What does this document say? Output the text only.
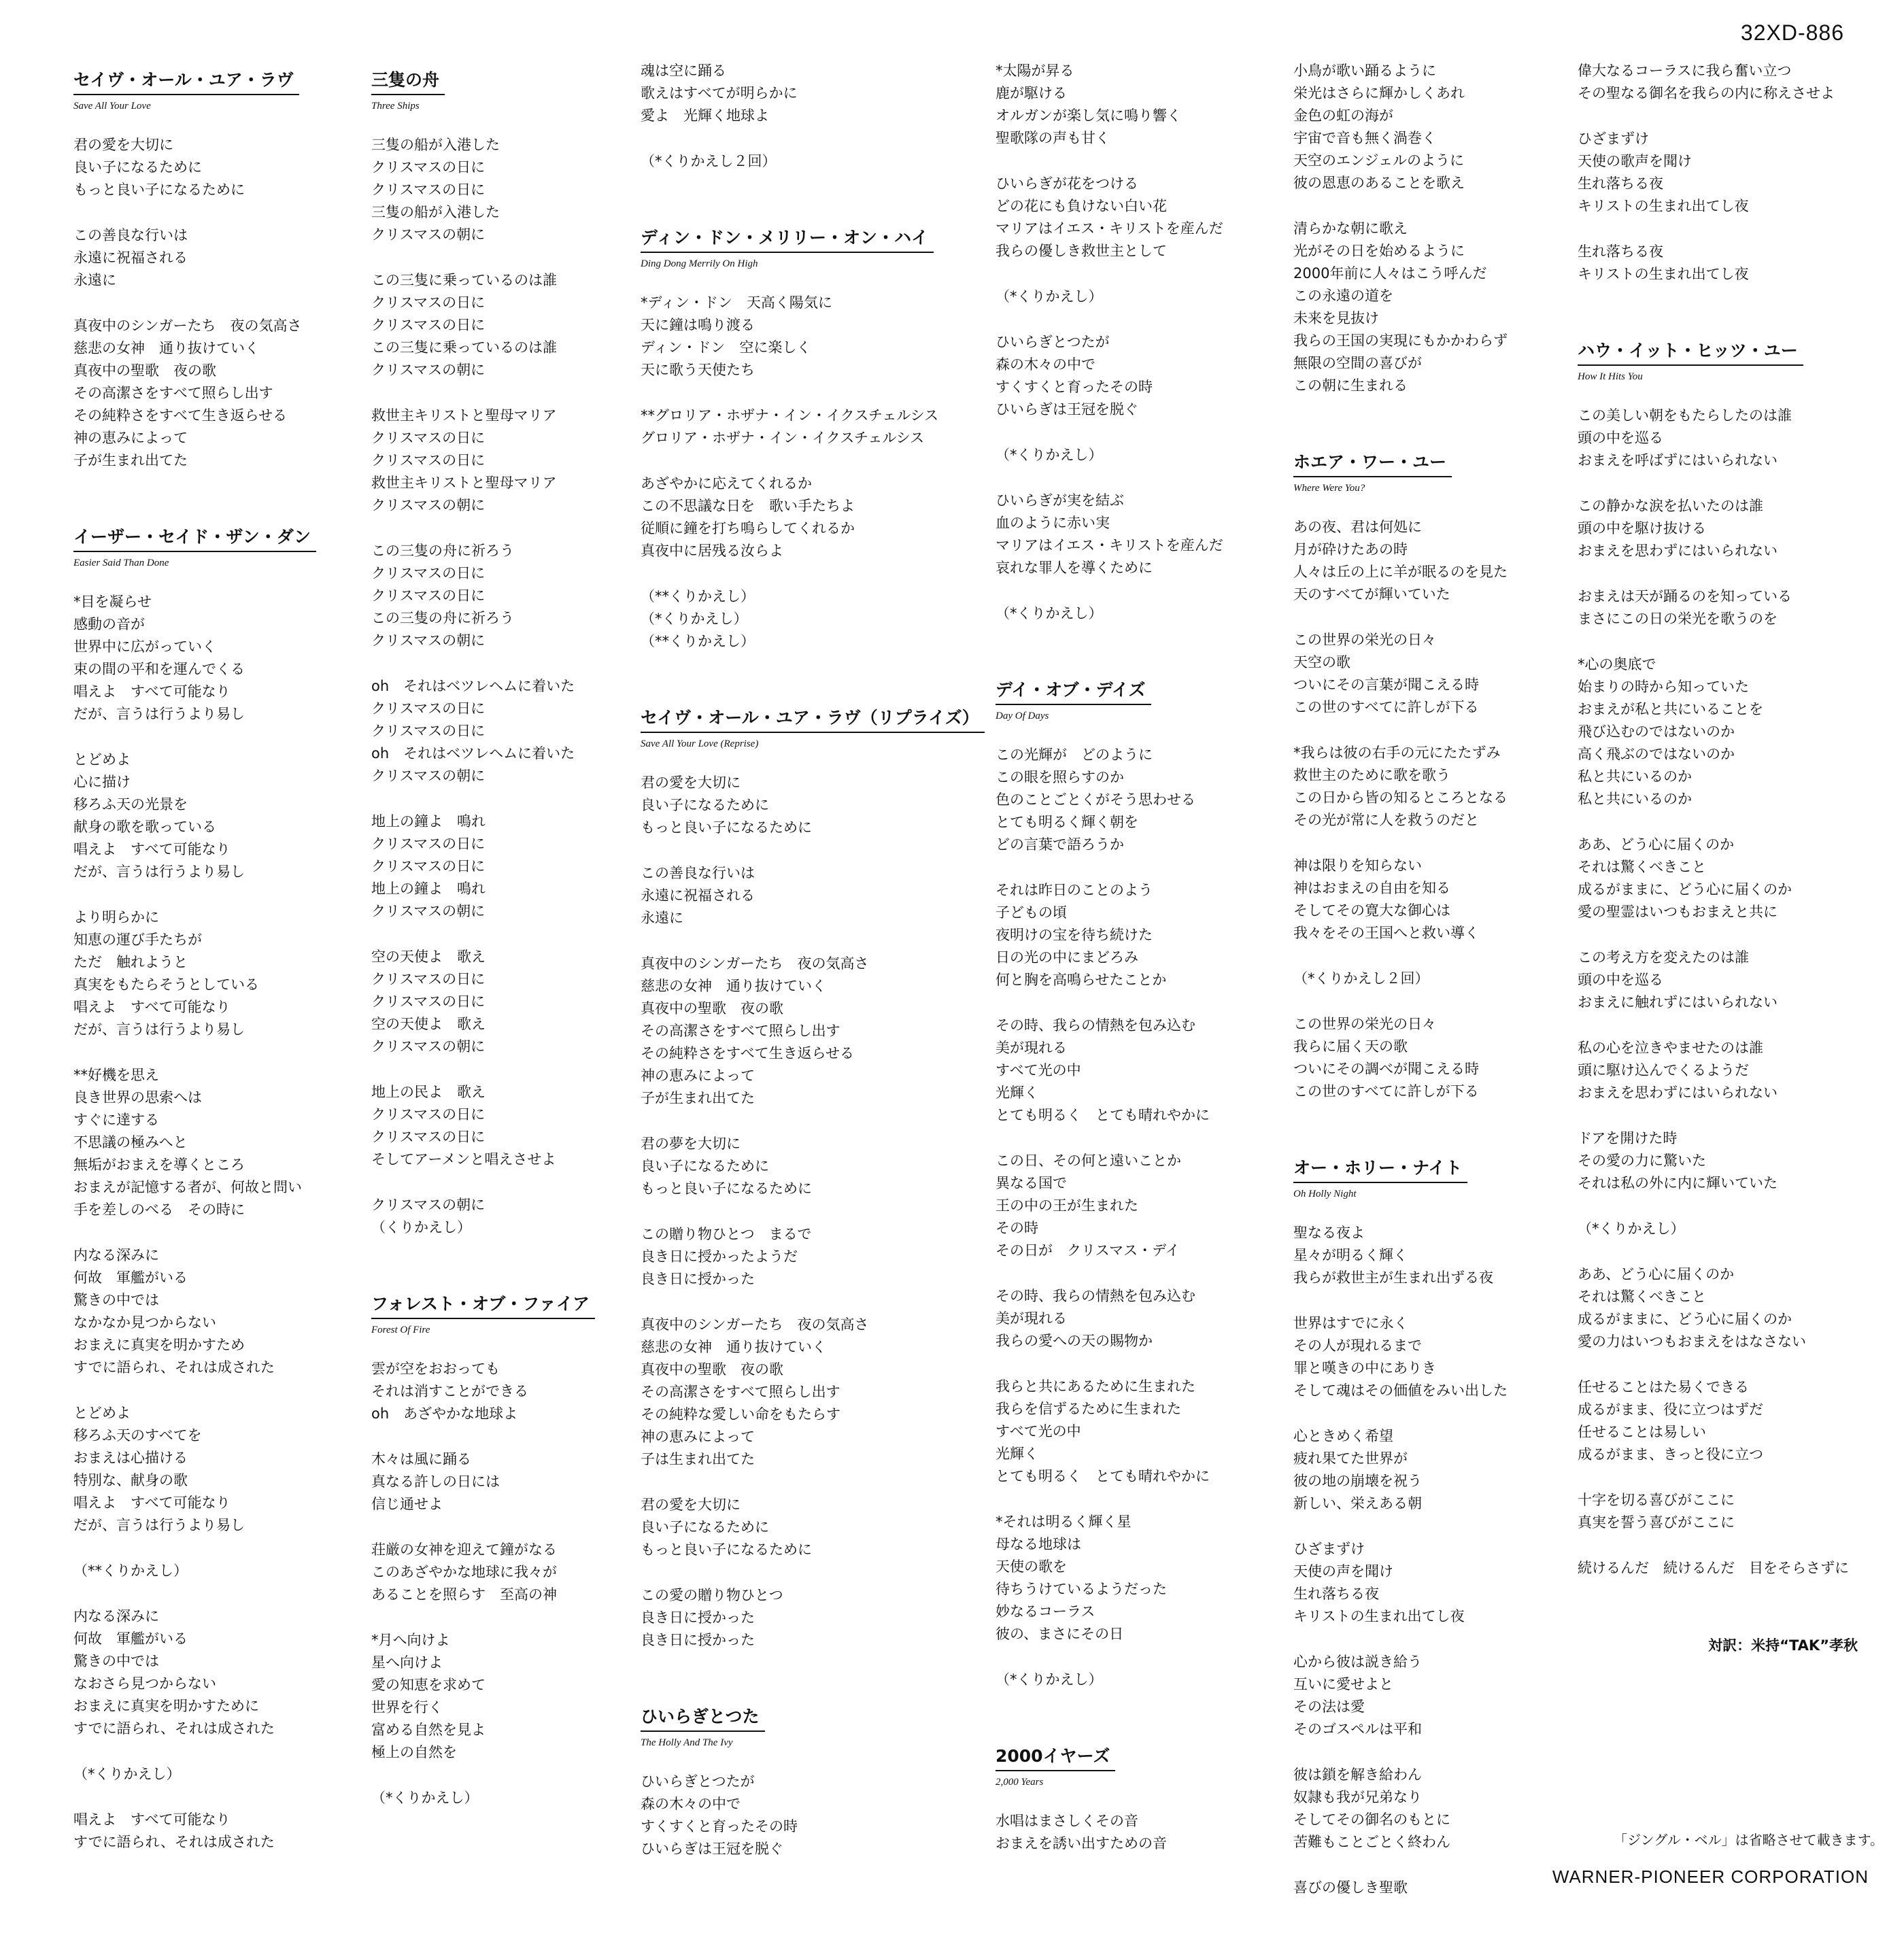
32XD-886
セイヴ・オール・ユア・ラヴ
Save All Your Love
君の愛を大切に
良い子になるために
もっと良い子になるために
この善良な行いは
永遠に祝福される
永遠に
真夜中のシンガーたち　夜の気高さ
慈悲の女神　通り抜けていく
真夜中の聖歌　夜の歌
その高潔さをすべて照らし出す
その純粋さをすべて生き返らせる
神の恵みによって
子が生まれ出てた
イーザー・セイド・ザン・ダン
Easier Said Than Done
*目を凝らせ
感動の音が
世界中に広がっていく
束の間の平和を運んでくる
唱えよ　すべて可能なり
だが、言うは行うより易し
とどめよ
心に描け
移ろふ天の光景を
献身の歌を歌っている
唱えよ　すべて可能なり
だが、言うは行うより易し
より明らかに
知恵の運び手たちが
ただ　触れようと
真実をもたらそうとしている
唱えよ　すべて可能なり
だが、言うは行うより易し
**好機を思え
良き世界の思索へは
すぐに達する
不思議の極みへと
無垢がおまえを導くところ
おまえが記憶する者が、何故と問い
手を差しのべる　その時に
内なる深みに
何故　軍艦がいる
驚きの中では
なかなか見つからない
おまえに真実を明かすため
すでに語られ、それは成された
とどめよ
移ろふ天のすべてを
おまえは心描ける
特別な、献身の歌
唱えよ　すべて可能なり
だが、言うは行うより易し
（**くりかえし）
内なる深みに
何故　軍艦がいる
驚きの中では
なおさら見つからない
おまえに真実を明かすために
すでに語られ、それは成された
（*くりかえし）
唱えよ　すべて可能なり
すでに語られ、それは成された
三隻の舟
Three Ships
三隻の船が入港した
クリスマスの日に
クリスマスの日に
三隻の船が入港した
クリスマスの朝に
この三隻に乗っているのは誰
クリスマスの日に
クリスマスの日に
この三隻に乗っているのは誰
クリスマスの朝に
救世主キリストと聖母マリア
クリスマスの日に
クリスマスの日に
救世主キリストと聖母マリア
クリスマスの朝に
この三隻の舟に祈ろう
クリスマスの日に
クリスマスの日に
この三隻の舟に祈ろう
クリスマスの朝に
oh　それはベツレヘムに着いた
クリスマスの日に
クリスマスの日に
oh　それはベツレヘムに着いた
クリスマスの朝に
地上の鐘よ　鳴れ
クリスマスの日に
クリスマスの日に
地上の鐘よ　鳴れ
クリスマスの朝に
空の天使よ　歌え
クリスマスの日に
クリスマスの日に
空の天使よ　歌え
クリスマスの朝に
地上の民よ　歌え
クリスマスの日に
クリスマスの日に
そしてアーメンと唱えさせよ
クリスマスの朝に
（くりかえし）
フォレスト・オブ・ファイア
Forest Of Fire
雲が空をおおっても
それは消すことができる
oh　あざやかな地球よ
木々は風に踊る
真なる許しの日には
信じ通せよ
荘厳の女神を迎えて鐘がなる
このあざやかな地球に我々が
あることを照らす　至高の神
*月へ向けよ
星へ向けよ
愛の知恵を求めて
世界を行く
富める自然を見よ
極上の自然を
（*くりかえし）
魂は空に踊る
歌えはすべてが明らかに
愛よ　光輝く地球よ
（*くりかえし２回）
ディン・ドン・メリリー・オン・ハイ
Ding Dong Merrily On High
*ディン・ドン　天高く陽気に
天に鐘は鳴り渡る
ディン・ドン　空に楽しく
天に歌う天使たち
**グロリア・ホザナ・イン・イクスチェルシス
グロリア・ホザナ・イン・イクスチェルシス
あざやかに応えてくれるか
この不思議な日を　歌い手たちよ
従順に鐘を打ち鳴らしてくれるか
真夜中に居残る汝らよ
（**くりかえし）
（*くりかえし）
（**くりかえし）
セイヴ・オール・ユア・ラヴ（リプライズ）
Save All Your Love (Reprise)
君の愛を大切に
良い子になるために
もっと良い子になるために
この善良な行いは
永遠に祝福される
永遠に
真夜中のシンガーたち　夜の気高さ
慈悲の女神　通り抜けていく
真夜中の聖歌　夜の歌
その高潔さをすべて照らし出す
その純粋さをすべて生き返らせる
神の恵みによって
子が生まれ出てた
君の夢を大切に
良い子になるために
もっと良い子になるために
この贈り物ひとつ　まるで
良き日に授かったようだ
良き日に授かった
真夜中のシンガーたち　夜の気高さ
慈悲の女神　通り抜けていく
真夜中の聖歌　夜の歌
その高潔さをすべて照らし出す
その純粋な愛しい命をもたらす
神の恵みによって
子は生まれ出てた
君の愛を大切に
良い子になるために
もっと良い子になるために
この愛の贈り物ひとつ
良き日に授かった
良き日に授かった
ひいらぎとつた
The Holly And The Ivy
ひいらぎとつたが
森の木々の中で
すくすくと育ったその時
ひいらぎは王冠を脱ぐ
*太陽が昇る
鹿が駆ける
オルガンが楽し気に鳴り響く
聖歌隊の声も甘く
ひいらぎが花をつける
どの花にも負けない白い花
マリアはイエス・キリストを産んだ
我らの優しき救世主として
（*くりかえし）
ひいらぎとつたが
森の木々の中で
すくすくと育ったその時
ひいらぎは王冠を脱ぐ
（*くりかえし）
ひいらぎが実を結ぶ
血のように赤い実
マリアはイエス・キリストを産んだ
哀れな罪人を導くために
（*くりかえし）
デイ・オブ・デイズ
Day Of Days
この光輝が　どのように
この眼を照らすのか
色のことごとくがそう思わせる
とても明るく輝く朝を
どの言葉で語ろうか
それは昨日のことのよう
子どもの頃
夜明けの宝を待ち続けた
日の光の中にまどろみ
何と胸を高鳴らせたことか
その時、我らの情熱を包み込む
美が現れる
すべて光の中
光輝く
とても明るく　とても晴れやかに
この日、その何と遠いことか
異なる国で
王の中の王が生まれた
その時
その日が　クリスマス・デイ
その時、我らの情熱を包み込む
美が現れる
我らの愛への天の賜物か
我らと共にあるために生まれた
我らを信ずるために生まれた
すべて光の中
光輝く
とても明るく　とても晴れやかに
*それは明るく輝く星
母なる地球は
天使の歌を
待ちうけているようだった
妙なるコーラス
彼の、まさにその日
（*くりかえし）
2000イヤーズ
2,000 Years
水唱はまさしくその音
おまえを誘い出すための音
小鳥が歌い踊るように
栄光はさらに輝かしくあれ
金色の虹の海が
宇宙で音も無く渦巻く
天空のエンジェルのように
彼の恩恵のあることを歌え
清らかな朝に歌え
光がその日を始めるように
2000年前に人々はこう呼んだ
この永遠の道を
未来を見抜け
我らの王国の実現にもかかわらず
無限の空間の喜びが
この朝に生まれる
ホエア・ワー・ユー
Where Were You?
あの夜、君は何処に
月が砕けたあの時
人々は丘の上に羊が眠るのを見た
天のすべてが輝いていた
この世界の栄光の日々
天空の歌
ついにその言葉が聞こえる時
この世のすべてに許しが下る
*我らは彼の右手の元にたたずみ
救世主のために歌を歌う
この日から皆の知るところとなる
その光が常に人を救うのだと
神は限りを知らない
神はおまえの自由を知る
そしてその寛大な御心は
我々をその王国へと救い導く
（*くりかえし２回）
この世界の栄光の日々
我らに届く天の歌
ついにその調べが聞こえる時
この世のすべてに許しが下る
オー・ホリー・ナイト
Oh Holly Night
聖なる夜よ
星々が明るく輝く
我らが救世主が生まれ出ずる夜
世界はすでに永く
その人が現れるまで
罪と嘆きの中にありき
そして魂はその価値をみい出した
心ときめく希望
疲れ果てた世界が
彼の地の崩壊を祝う
新しい、栄えある朝
ひざまずけ
天使の声を聞け
生れ落ちる夜
キリストの生まれ出てし夜
心から彼は説き給う
互いに愛せよと
その法は愛
そのゴスペルは平和
彼は鎖を解き給わん
奴隷も我が兄弟なり
そしてその御名のもとに
苦難もことごとく終わん
喜びの優しき聖歌
偉大なるコーラスに我ら奮い立つ
その聖なる御名を我らの内に称えさせよ
ひざまずけ
天使の歌声を聞け
生れ落ちる夜
キリストの生まれ出てし夜
生れ落ちる夜
キリストの生まれ出てし夜
ハウ・イット・ヒッツ・ユー
How It Hits You
この美しい朝をもたらしたのは誰
頭の中を巡る
おまえを呼ばずにはいられない
この静かな涙を払いたのは誰
頭の中を駆け抜ける
おまえを思わずにはいられない
おまえは天が踊るのを知っている
まさにこの日の栄光を歌うのを
*心の奥底で
始まりの時から知っていた
おまえが私と共にいることを
飛び込むのではないのか
高く飛ぶのではないのか
私と共にいるのか
私と共にいるのか
ああ、どう心に届くのか
それは驚くべきこと
成るがままに、どう心に届くのか
愛の聖霊はいつもおまえと共に
この考え方を変えたのは誰
頭の中を巡る
おまえに触れずにはいられない
私の心を泣きやませたのは誰
頭に駆け込んでくるようだ
おまえを思わずにはいられない
ドアを開けた時
その愛の力に驚いた
それは私の外に内に輝いていた
（*くりかえし）
ああ、どう心に届くのか
それは驚くべきこと
成るがままに、どう心に届くのか
愛の力はいつもおまえをはなさない
任せることはた易くできる
成るがまま、役に立つはずだ
任せることは易しい
成るがまま、きっと役に立つ
十字を切る喜びがここに
真実を誓う喜びがここに
続けるんだ　続けるんだ　目をそらさずに
対訳：米持“TAK”孝秋
「ジングル・ベル」は省略させて載きます。
WARNER-PIONEER CORPORATION
